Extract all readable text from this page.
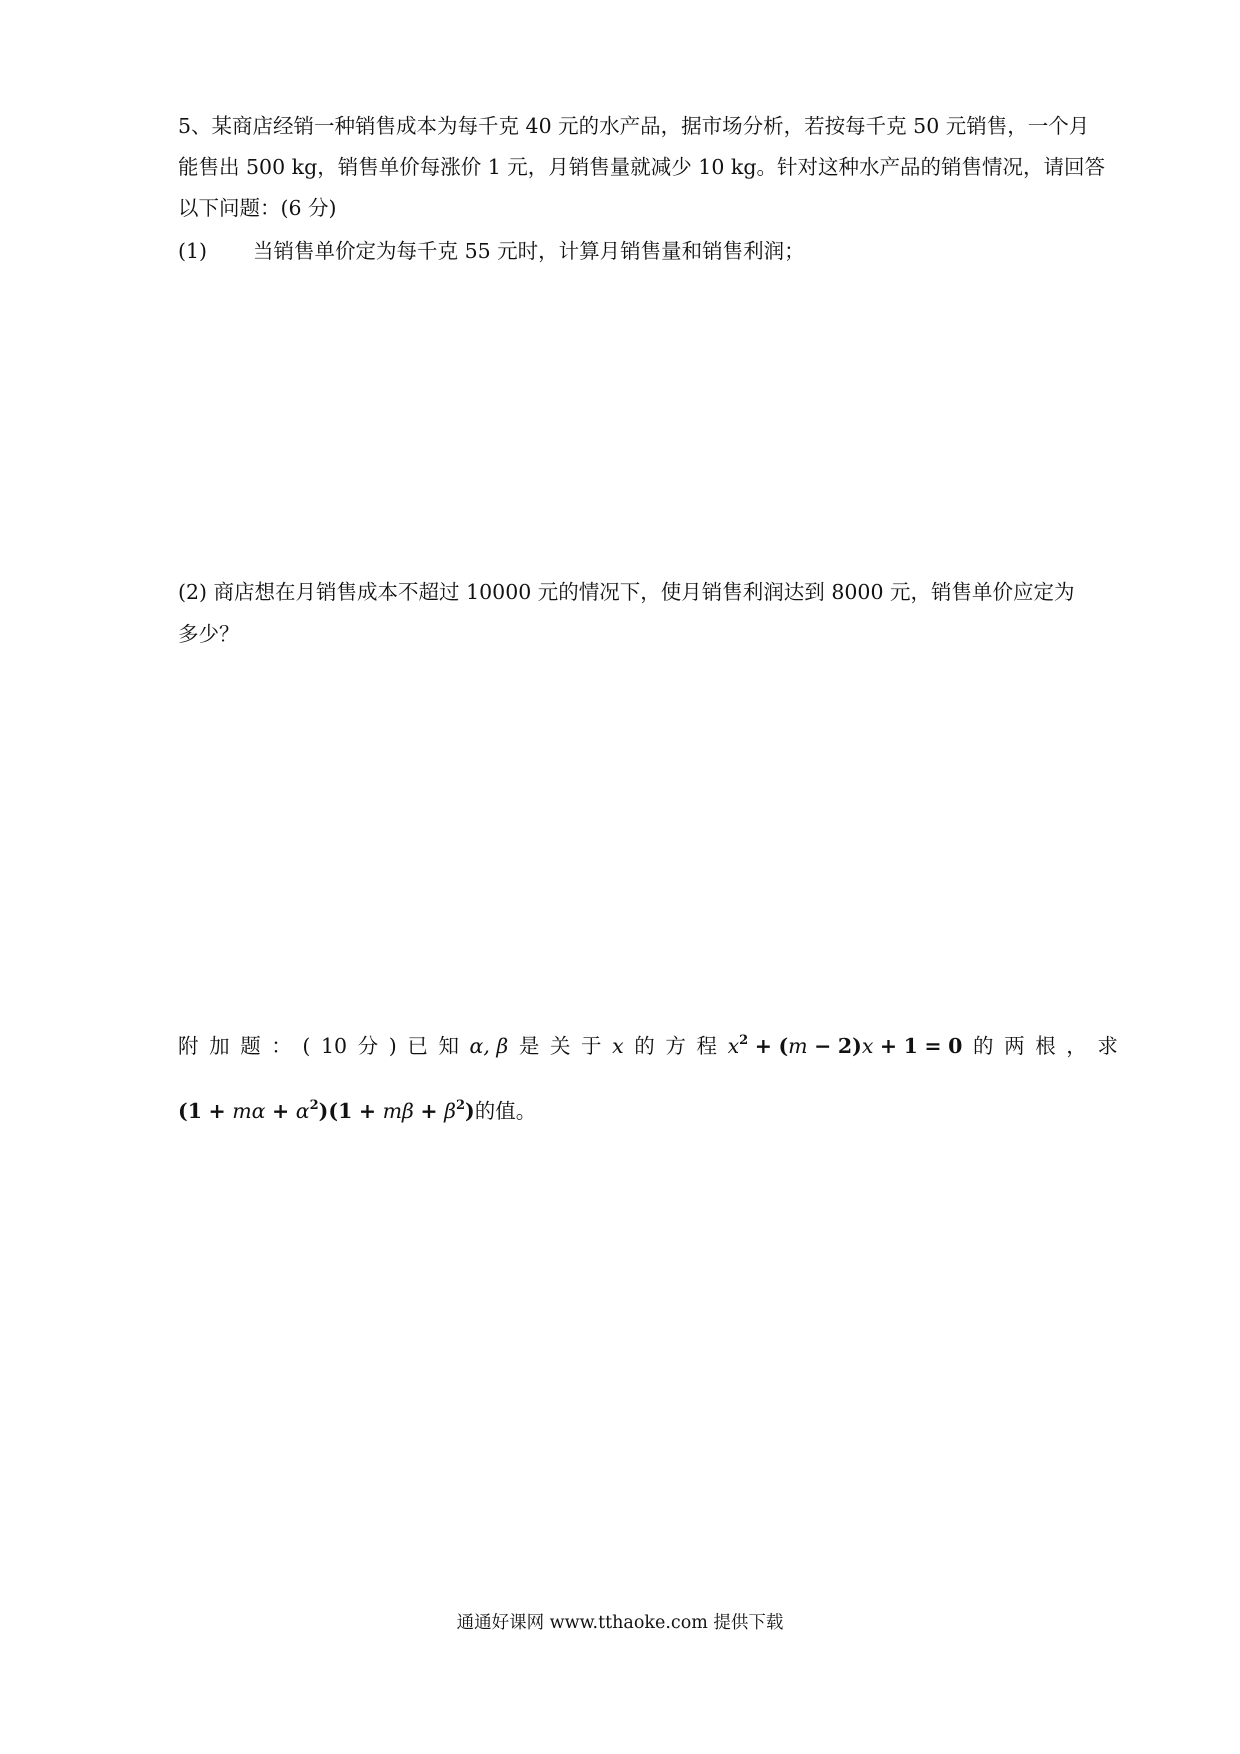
5、某商店经销一种销售成本为每千克 40 元的水产品，据市场分析，若按每千克 50 元销售，一个月
能售出 500 kg，销售单价每涨价 1 元，月销售量就减少 10 kg。针对这种水产品的销售情况，请回答
以下问题：(6 分)
(1) 当销售单价定为每千克 55 元时，计算月销售量和销售利润；
(2) 商店想在月销售成本不超过 10000 元的情况下，使月销售利润达到 8000 元，销售单价应定为
多少？
附 加 题 ： ( 10 分 ) 已 知 α, β 是 关 于 x 的 方 程 $x^2 + (m - 2)x + 1 = 0$ 的 两 根 ， 求
$(1 + m\alpha + \alpha^2)(1 + m\beta + \beta^2)$的值。
通通好课网 www.tthaoke.com 提供下载
